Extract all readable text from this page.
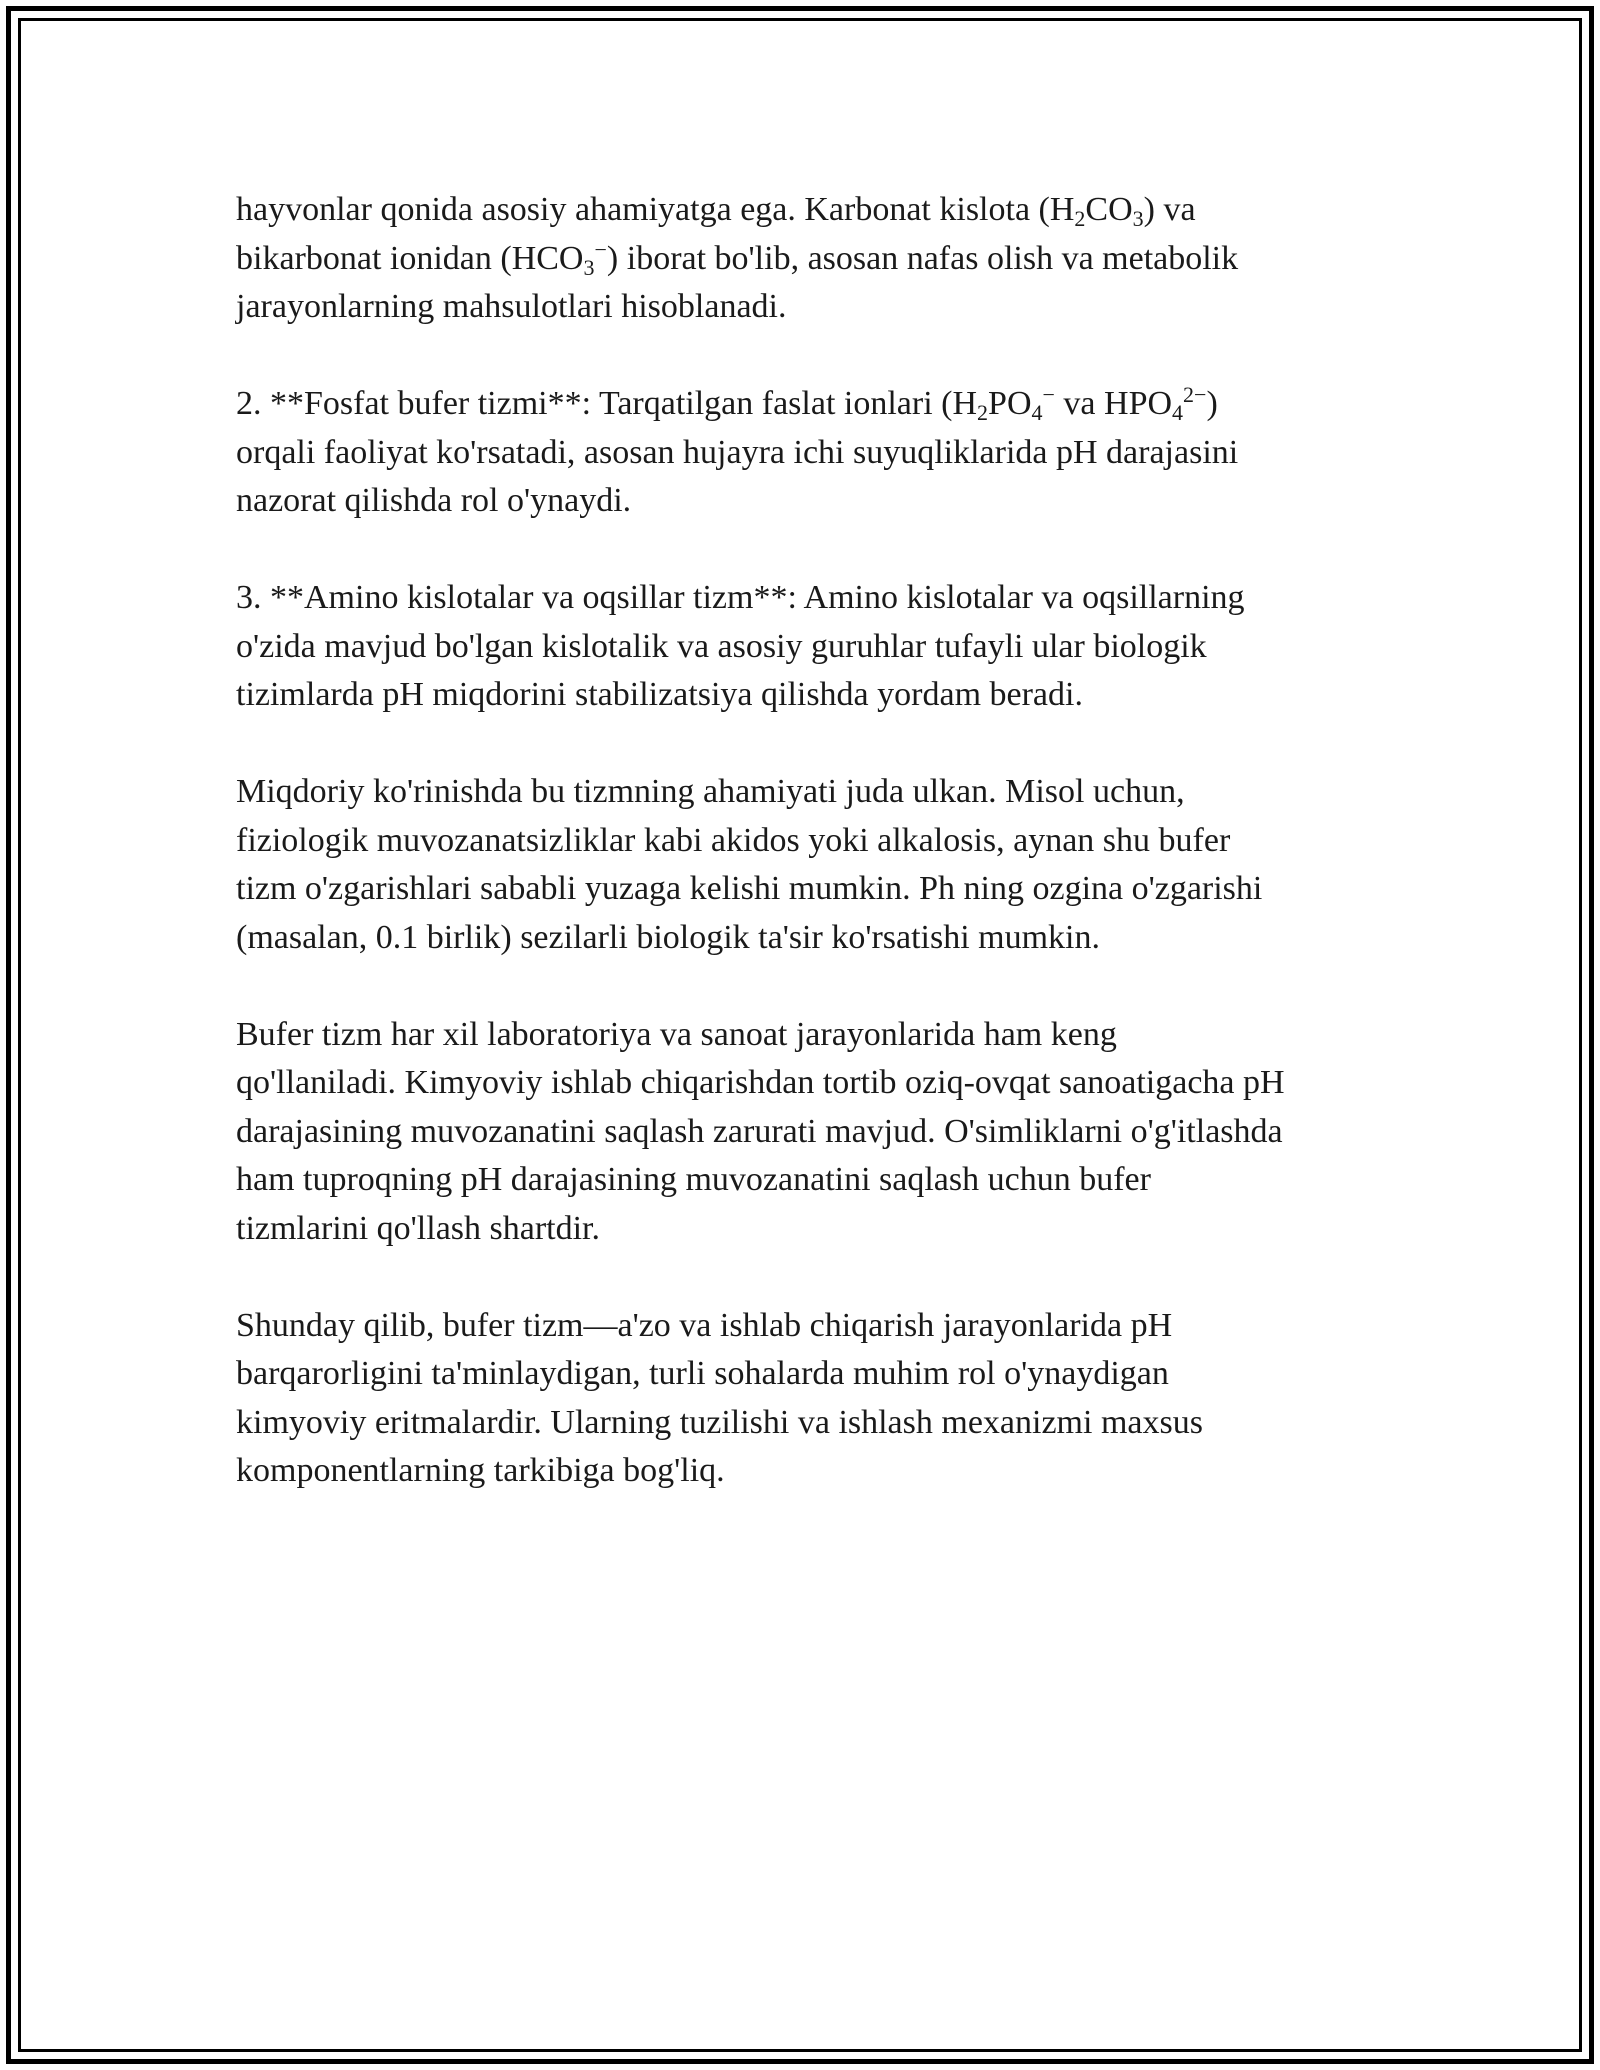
hayvonlar qonida asosiy ahamiyatga ega. Karbonat kislota $(H_2CO_3)$ va
bikarbonat ionidan $(HCO_3^-)$ iborat bo'lib, asosan nafas olish va metabolik
jarayonlarning mahsulotlari hisoblanadi.

2. **Fosfat bufer tizmi**: Tarqatilgan faslat ionlari ($H_2PO_4^-$ va $HPO_4^{2-}$)
orqali faoliyat ko'rsatadi, asosan hujayra ichi suyuqliklarida pH darajasini
nazorat qilishda rol o'ynaydi.

3. **Amino kislotalar va oqsillar tizm**: Amino kislotalar va oqsillarning
o'zida mavjud bo'lgan kislotalik va asosiy guruhlar tufayli ular biologik
tizimlarda pH miqdorini stabilizatsiya qilishda yordam beradi.

Miqdoriy ko'rinishda bu tizmning ahamiyati juda ulkan. Misol uchun,
fiziologik muvozanatsizliklar kabi akidos yoki alkalosis, aynan shu bufer
tizm o'zgarishlari sababli yuzaga kelishi mumkin. Ph ning ozgina o'zgarishi
(masalan, 0.1 birlik) sezilarli biologik ta'sir ko'rsatishi mumkin.

Bufer tizm har xil laboratoriya va sanoat jarayonlarida ham keng
qo'llaniladi. Kimyoviy ishlab chiqarishdan tortib oziq-ovqat sanoatigacha pH
darajasining muvozanatini saqlash zarurati mavjud. O'simliklarni o'g'itlashda
ham tuproqning pH darajasining muvozanatini saqlash uchun bufer
tizmlarini qo'llash shartdir.

Shunday qilib, bufer tizm—a'zo va ishlab chiqarish jarayonlarida pH
barqarorligini ta'minlaydigan, turli sohalarda muhim rol o'ynaydigan
kimyoviy eritmalardir. Ularning tuzilishi va ishlash mexanizmi maxsus
komponentlarning tarkibiga bog'liq.
